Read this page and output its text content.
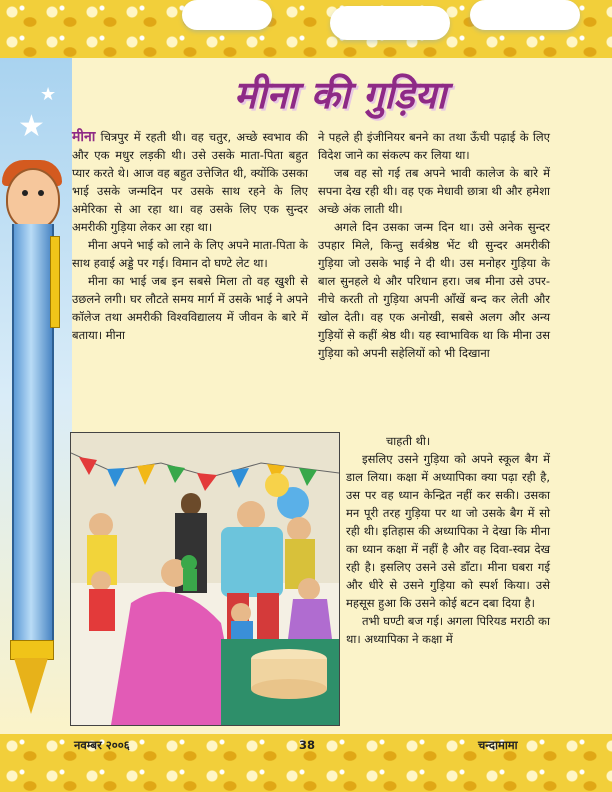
★
★	मीना की गुड़िया

मीना चित्रपुर में रहती थी। वह चतुर, अच्छे स्वभाव की और एक मधुर लड़की थी। उसे उसके माता-पिता बहुत प्यार करते थे। आज वह बहुत उत्तेजित थी, क्योंकि उसका भाई उसके जन्मदिन पर उसके साथ रहने के लिए अमेरिका से आ रहा था। वह उसके लिए एक सुन्दर अमरीकी गुड़िया लेकर आ रहा था।

मीना अपने भाई को लाने के लिए अपने माता-पिता के साथ हवाई अड्डे पर गई। विमान दो घण्टे लेट था।

मीना का भाई जब इन सबसे मिला तो वह खुशी से उछलने लगी। घर लौटते समय मार्ग में उसके भाई ने अपने कॉलेज तथा अमरीकी विश्वविद्यालय में जीवन के बारे में बताया। मीना

ने पहले ही इंजीनियर बनने का तथा ऊँची पढ़ाई के लिए विदेश जाने का संकल्प कर लिया था।

जब वह सो गई तब अपने भावी कालेज के बारे में सपना देख रही थी। वह एक मेधावी छात्रा थी और हमेशा अच्छे अंक लाती थी।

अगले दिन उसका जन्म दिन था। उसे अनेक सुन्दर उपहार मिले, किन्तु सर्वश्रेष्ठ भेंट थी सुन्दर अमरीकी गुड़िया जो उसके भाई ने दी थी। उस मनोहर गुड़िया के बाल सुनहले थे और परिधान हरा। जब मीना उसे उपर-नीचे करती तो गुड़िया अपनी आँखें बन्द कर लेती और खोल देती। वह एक अनोखी, सबसे अलग और अन्य गुड़ियों से कहीं श्रेष्ठ थी। यह स्वाभाविक था कि मीना उस गुड़िया को अपनी सहेलियों को भी दिखाना

चाहती थी।

इसलिए उसने गुड़िया को अपने स्कूल बैग में डाल लिया। कक्षा में अध्यापिका क्या पढ़ा रही है, उस पर वह ध्यान केन्द्रित नहीं कर सकी। उसका मन पूरी तरह गुड़िया पर था जो उसके बैग में सो रही थी। इतिहास की अध्यापिका ने देखा कि मीना का ध्यान कक्षा में नहीं है और वह दिवा-स्वप्न देख रही है। इसलिए उसने उसे डाँटा। मीना घबरा गई और धीरे से उसने गुड़िया को स्पर्श किया। उसे महसूस हुआ कि उसने कोई बटन दबा दिया है।

तभी घण्टी बज गई। अगला पिरियड मराठी का था। अध्यापिका ने कक्षा में

नवम्बर २००६	38	चन्दामामा
